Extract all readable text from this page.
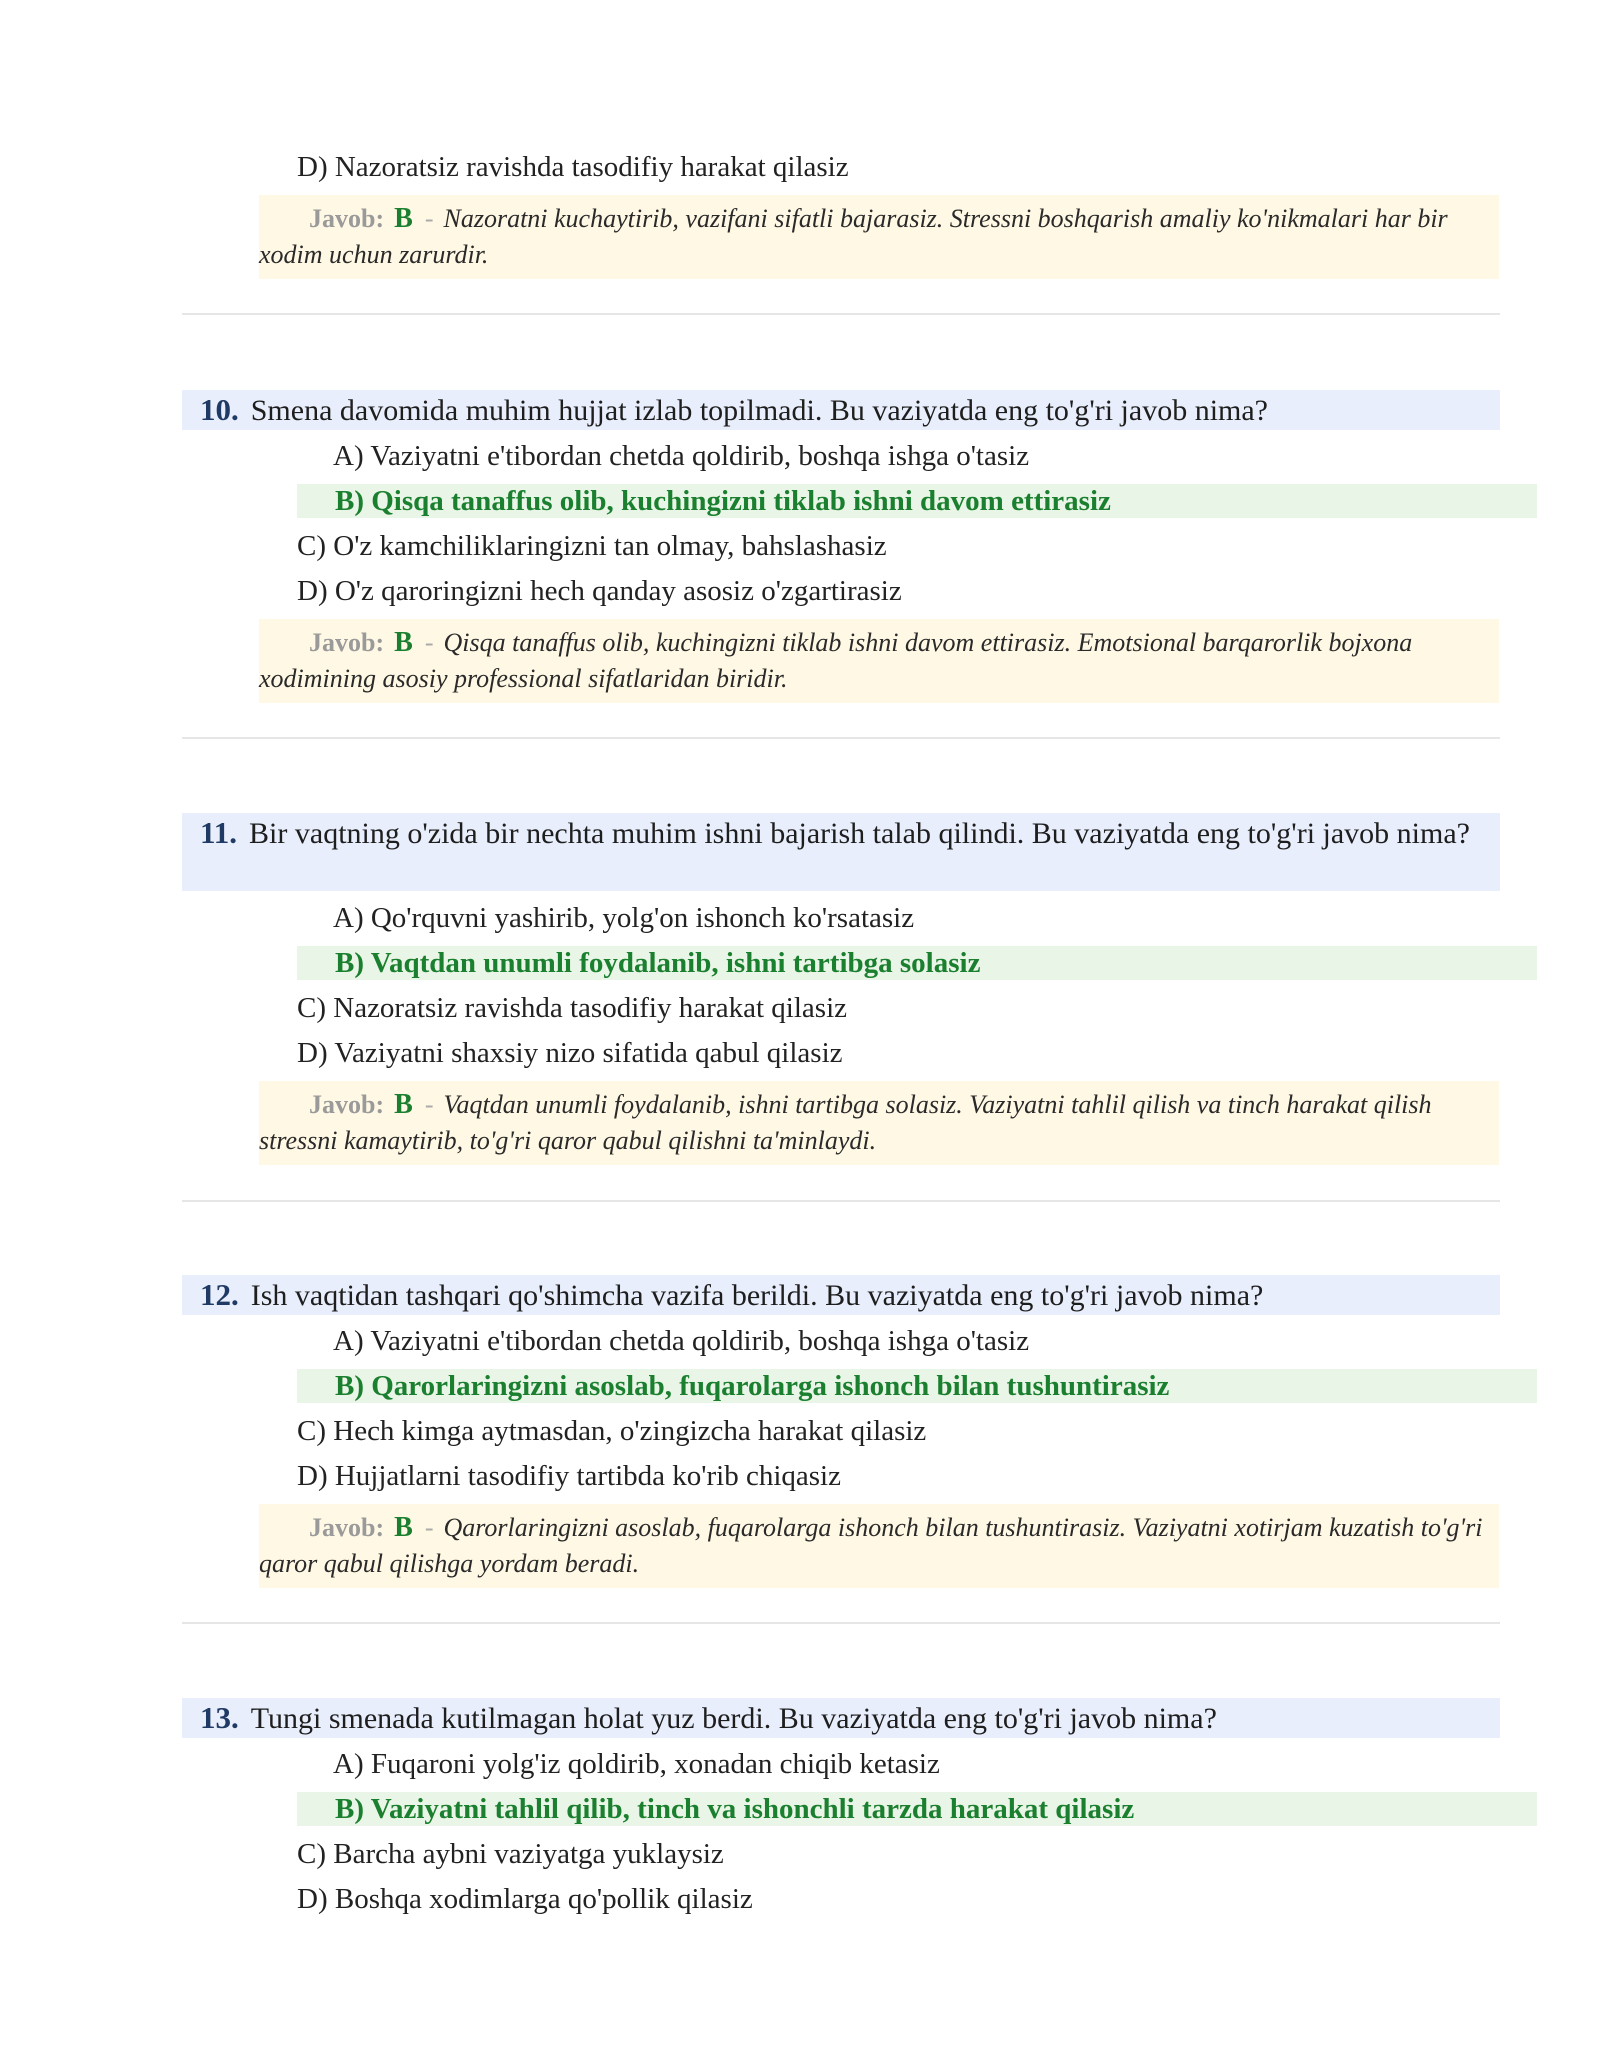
D) Nazoratsiz ravishda tasodifiy harakat qilasiz
Javob: B - Nazoratni kuchaytirib, vazifani sifatli bajarasiz. Stressni boshqarish amaliy ko'nikmalari har bir xodim uchun zarurdir.
10. Smena davomida muhim hujjat izlab topilmadi. Bu vaziyatda eng to'g'ri javob nima?
A) Vaziyatni e'tibordan chetda qoldirib, boshqa ishga o'tasiz
B) Qisqa tanaffus olib, kuchingizni tiklab ishni davom ettirasiz
C) O'z kamchiliklaringizni tan olmay, bahslashasiz
D) O'z qaroringizni hech qanday asosiz o'zgartirasiz
Javob: B - Qisqa tanaffus olib, kuchingizni tiklab ishni davom ettirasiz. Emotsional barqarorlik bojxona xodimining asosiy professional sifatlaridan biridir.
11. Bir vaqtning o'zida bir nechta muhim ishni bajarish talab qilindi. Bu vaziyatda eng to'g'ri javob nima?
A) Qo'rquvni yashirib, yolg'on ishonch ko'rsatasiz
B) Vaqtdan unumli foydalanib, ishni tartibga solasiz
C) Nazoratsiz ravishda tasodifiy harakat qilasiz
D) Vaziyatni shaxsiy nizo sifatida qabul qilasiz
Javob: B - Vaqtdan unumli foydalanib, ishni tartibga solasiz. Vaziyatni tahlil qilish va tinch harakat qilish stressni kamaytirib, to'g'ri qaror qabul qilishni ta'minlaydi.
12. Ish vaqtidan tashqari qo'shimcha vazifa berildi. Bu vaziyatda eng to'g'ri javob nima?
A) Vaziyatni e'tibordan chetda qoldirib, boshqa ishga o'tasiz
B) Qarorlaringizni asoslab, fuqarolarga ishonch bilan tushuntirasiz
C) Hech kimga aytmasdan, o'zingizcha harakat qilasiz
D) Hujjatlarni tasodifiy tartibda ko'rib chiqasiz
Javob: B - Qarorlaringizni asoslab, fuqarolarga ishonch bilan tushuntirasiz. Vaziyatni xotirjam kuzatish to'g'ri qaror qabul qilishga yordam beradi.
13. Tungi smenada kutilmagan holat yuz berdi. Bu vaziyatda eng to'g'ri javob nima?
A) Fuqaroni yolg'iz qoldirib, xonadan chiqib ketasiz
B) Vaziyatni tahlil qilib, tinch va ishonchli tarzda harakat qilasiz
C) Barcha aybni vaziyatga yuklaysiz
D) Boshqa xodimlarga qo'pollik qilasiz
